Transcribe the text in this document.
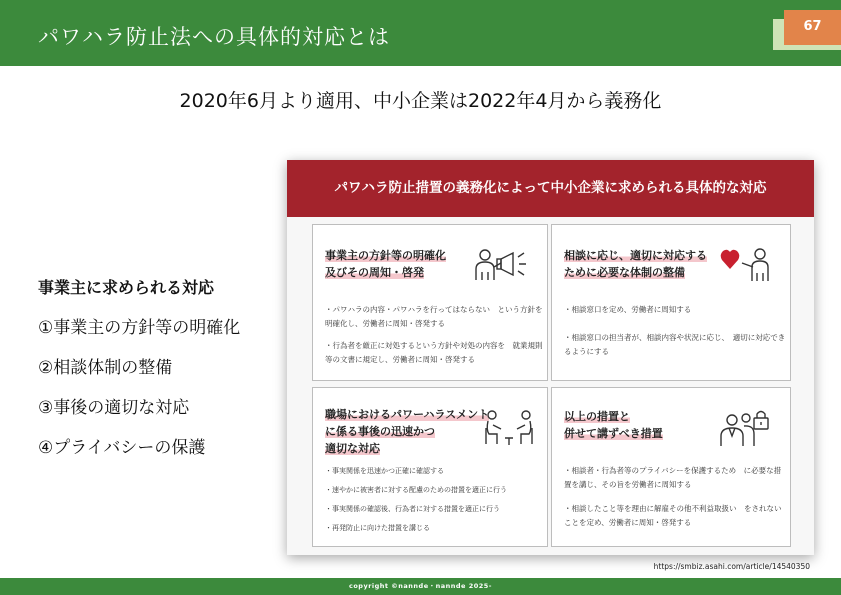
パワハラ防止法への具体的対応とは	67
2020年6月より適用、中小企業は2022年4月から義務化
事業主に求められる対応
①事業主の方針等の明確化
②相談体制の整備
③事後の適切な対応
④プライバシーの保護
パワハラ防止措置の義務化によって中小企業に求められる具体的な対応
事業主の方針等の明確化
及びその周知・啓発

・パワハラの内容・パワハラを行ってはならない　という方針を明確化し、労働者に周知・啓発する

・行為者を厳正に対処するという方針や対処の内容を　就業規則等の文書に規定し、労働者に周知・啓発する

相談に応じ、適切に対応する
ために必要な体制の整備

・相談窓口を定め、労働者に周知する

・相談窓口の担当者が、相談内容や状況に応じ、　適切に対応できるようにする

職場におけるパワーハラスメント
に係る事後の迅速かつ
適切な対応

・事実関係を迅速かつ正確に確認する

・速やかに被害者に対する配慮のための措置を適正に行う

・事実関係の確認後、行為者に対する措置を適正に行う

・再発防止に向けた措置を講じる

以上の措置と
併せて講ずべき措置

・相談者・行為者等のプライバシーを保護するため　に必要な措置を講じ、その旨を労働者に周知する

・相談したこと等を理由に解雇その他不利益取扱い　をされないことを定め、労働者に周知・啓発する

https://smbiz.asahi.com/article/14540350
copyright ©nannde・nannde 2025-
